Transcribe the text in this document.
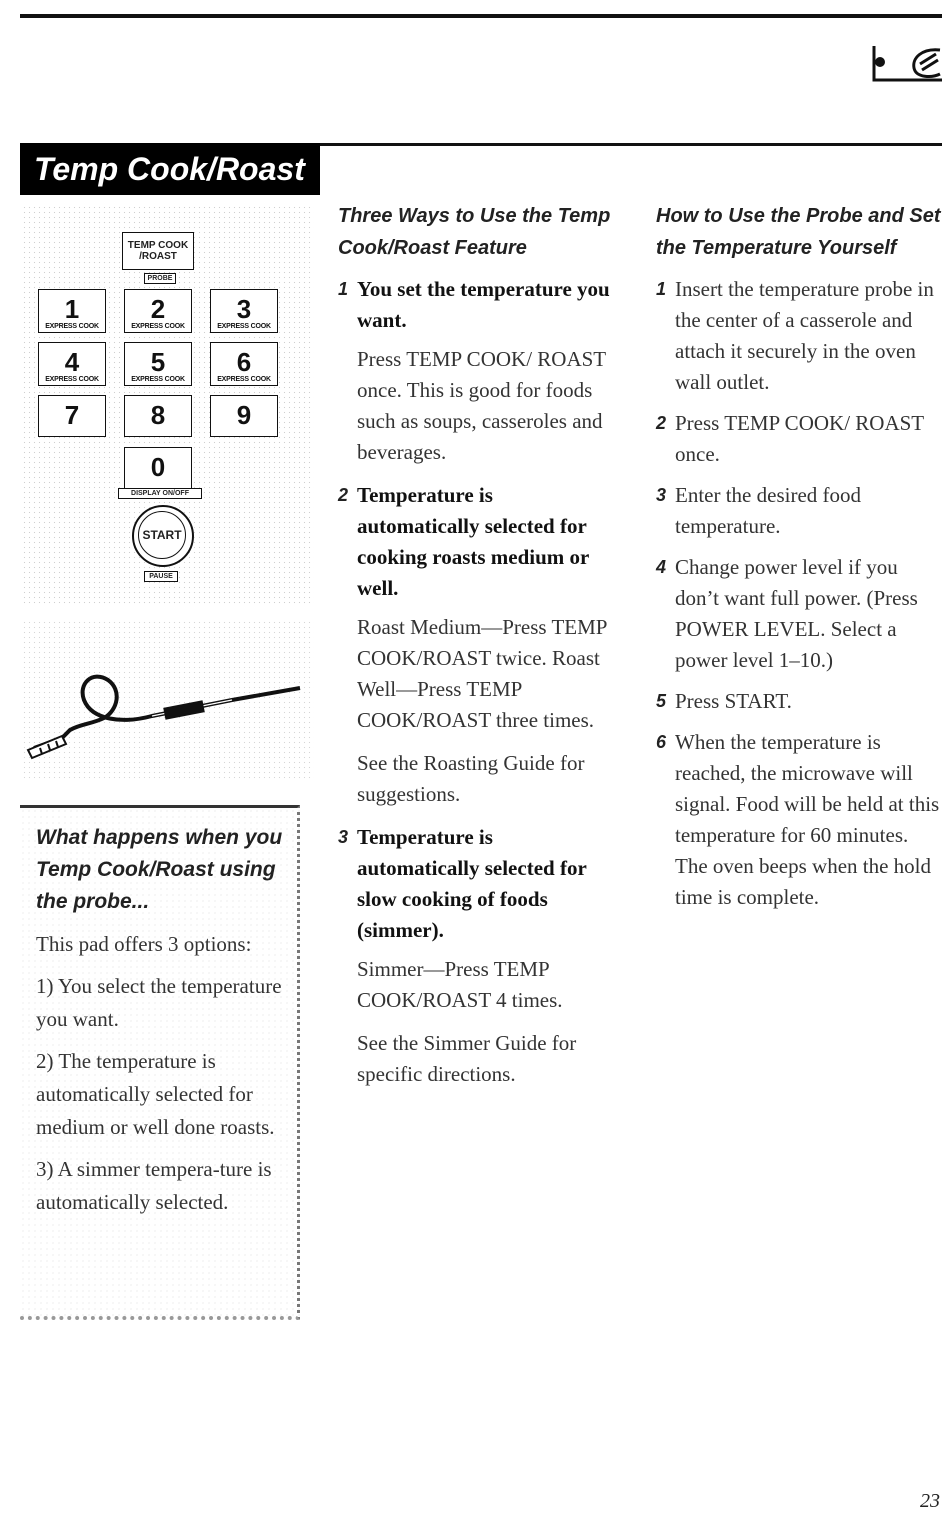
Temp Cook/Roast
TEMP COOK /ROAST
PROBE
1
EXPRESS COOK
2
EXPRESS COOK
3
EXPRESS COOK
4
EXPRESS COOK
5
EXPRESS COOK
6
EXPRESS COOK
7	8	9
0
DISPLAY ON/OFF
START
PAUSE
What happens when you Temp Cook/Roast using the probe...

This pad offers 3 options:

1) You select the temperature you want.

2) The temperature is automatically selected for medium or well done roasts.

3) A simmer tempera-ture is automatically selected.

Three Ways to Use the Temp Cook/Roast Feature
1 You set the temperature you want.
Press TEMP COOK/ ROAST once. This is good for foods such as soups, casseroles and beverages.
2 Temperature is automatically selected for cooking roasts medium or well.
Roast Medium—Press TEMP COOK/ROAST twice. Roast Well—Press TEMP COOK/ROAST three times.
See the Roasting Guide for suggestions.
3 Temperature is automatically selected for slow cooking of foods (simmer).
Simmer—Press TEMP COOK/ROAST 4 times.
See the Simmer Guide for specific directions.
How to Use the Probe and Set the Temperature Yourself
1 Insert the temperature probe in the center of a casserole and attach it securely in the oven wall outlet.
2 Press TEMP COOK/ ROAST once.
3 Enter the desired food temperature.
4 Change power level if you don’t want full power. (Press POWER LEVEL. Select a power level 1–10.)
5 Press START.
6 When the temperature is reached, the microwave will signal. Food will be held at this temperature for 60 minutes. The oven beeps when the hold time is complete.
23
